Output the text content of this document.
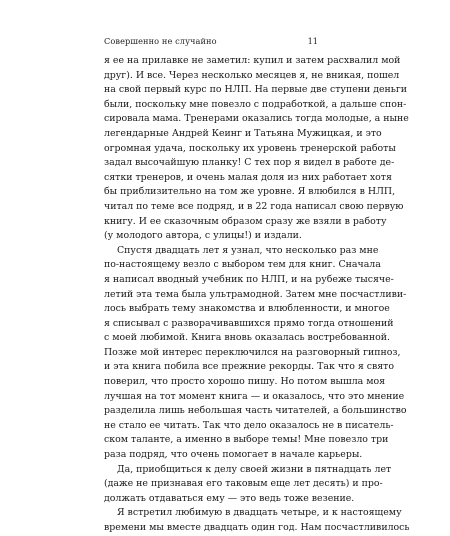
Совершенно не случайно	11
я ее на прилавке не заметил: купил и затем расхвалил мой
друг). И все. Через несколько месяцев я, не вникая, пошел
на свой первый курс по НЛП. На первые две ступени деньги
были, поскольку мне повезло с подработкой, а дальше спон-
сировала мама. Тренерами оказались тогда молодые, а ныне
легендарные Андрей Кеинг и Татьяна Мужицкая, и это
огромная удача, поскольку их уровень тренерской работы
задал высочайшую планку! С тех пор я видел в работе де-
сятки тренеров, и очень малая доля из них работает хотя
бы приблизительно на том же уровне. Я влюбился в НЛП,
читал по теме все подряд, и в 22 года написал свою первую
книгу. И ее сказочным образом сразу же взяли в работу
(у молодого автора, с улицы!) и издали.
Спустя двадцать лет я узнал, что несколько раз мне
по-настоящему везло с выбором тем для книг. Сначала
я написал вводный учебник по НЛП, и на рубеже тысяче-
летий эта тема была ультрамодной. Затем мне посчастливи-
лось выбрать тему знакомства и влюбленности, и многое
я списывал с разворачивавшихся прямо тогда отношений
с моей любимой. Книга вновь оказалась востребованной.
Позже мой интерес переключился на разговорный гипноз,
и эта книга побила все прежние рекорды. Так что я свято
поверил, что просто хорошо пишу. Но потом вышла моя
лучшая на тот момент книга — и оказалось, что это мнение
разделила лишь небольшая часть читателей, а большинство
не стало ее читать. Так что дело оказалось не в писатель-
ском таланте, а именно в выборе темы! Мне повезло три
раза подряд, что очень помогает в начале карьеры.
Да, приобщиться к делу своей жизни в пятнадцать лет
(даже не признавая его таковым еще лет десять) и про-
должать отдаваться ему — это ведь тоже везение.
Я встретил любимую в двадцать четыре, и к настоящему
времени мы вместе двадцать один год. Нам посчастливилось
